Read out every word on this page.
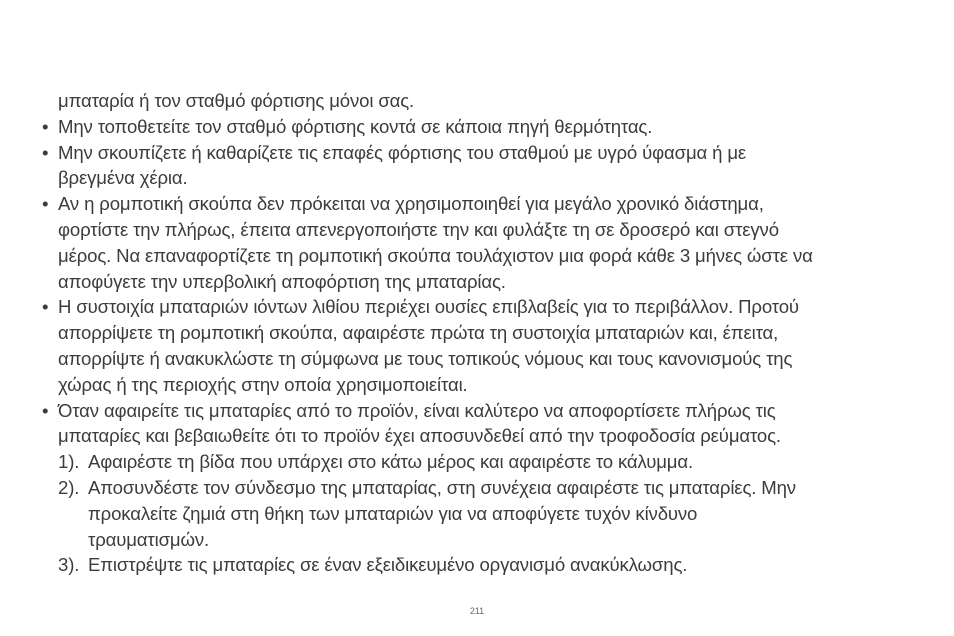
μπαταρία ή τον σταθμό φόρτισης μόνοι σας.
• Μην τοποθετείτε τον σταθμό φόρτισης κοντά σε κάποια πηγή θερμότητας.
• Μην σκουπίζετε ή καθαρίζετε τις επαφές φόρτισης του σταθμού με υγρό ύφασμα ή με
βρεγμένα χέρια.
• Αν η ρομποτική σκούπα δεν πρόκειται να χρησιμοποιηθεί για μεγάλο χρονικό διάστημα,
φορτίστε την πλήρως, έπειτα απενεργοποιήστε την και φυλάξτε τη σε δροσερό και στεγνό
μέρος. Να επαναφορτίζετε τη ρομποτική σκούπα τουλάχιστον μια φορά κάθε 3 μήνες ώστε να
αποφύγετε την υπερβολική αποφόρτιση της μπαταρίας.
• Η συστοιχία μπαταριών ιόντων λιθίου περιέχει ουσίες επιβλαβείς για το περιβάλλον. Προτού
απορρίψετε τη ρομποτική σκούπα, αφαιρέστε πρώτα τη συστοιχία μπαταριών και, έπειτα,
απορρίψτε ή ανακυκλώστε τη σύμφωνα με τους τοπικούς νόμους και τους κανονισμούς της
χώρας ή της περιοχής στην οποία χρησιμοποιείται.
• Όταν αφαιρείτε τις μπαταρίες από το προϊόν, είναι καλύτερο να αποφορτίσετε πλήρως τις
μπαταρίες και βεβαιωθείτε ότι το προϊόν έχει αποσυνδεθεί από την τροφοδοσία ρεύματος.
1). Αφαιρέστε τη βίδα που υπάρχει στο κάτω μέρος και αφαιρέστε το κάλυμμα.
2). Αποσυνδέστε τον σύνδεσμο της μπαταρίας, στη συνέχεια αφαιρέστε τις μπαταρίες. Μην
προκαλείτε ζημιά στη θήκη των μπαταριών για να αποφύγετε τυχόν κίνδυνο
τραυματισμών.
3). Επιστρέψτε τις μπαταρίες σε έναν εξειδικευμένο οργανισμό ανακύκλωσης.
211
